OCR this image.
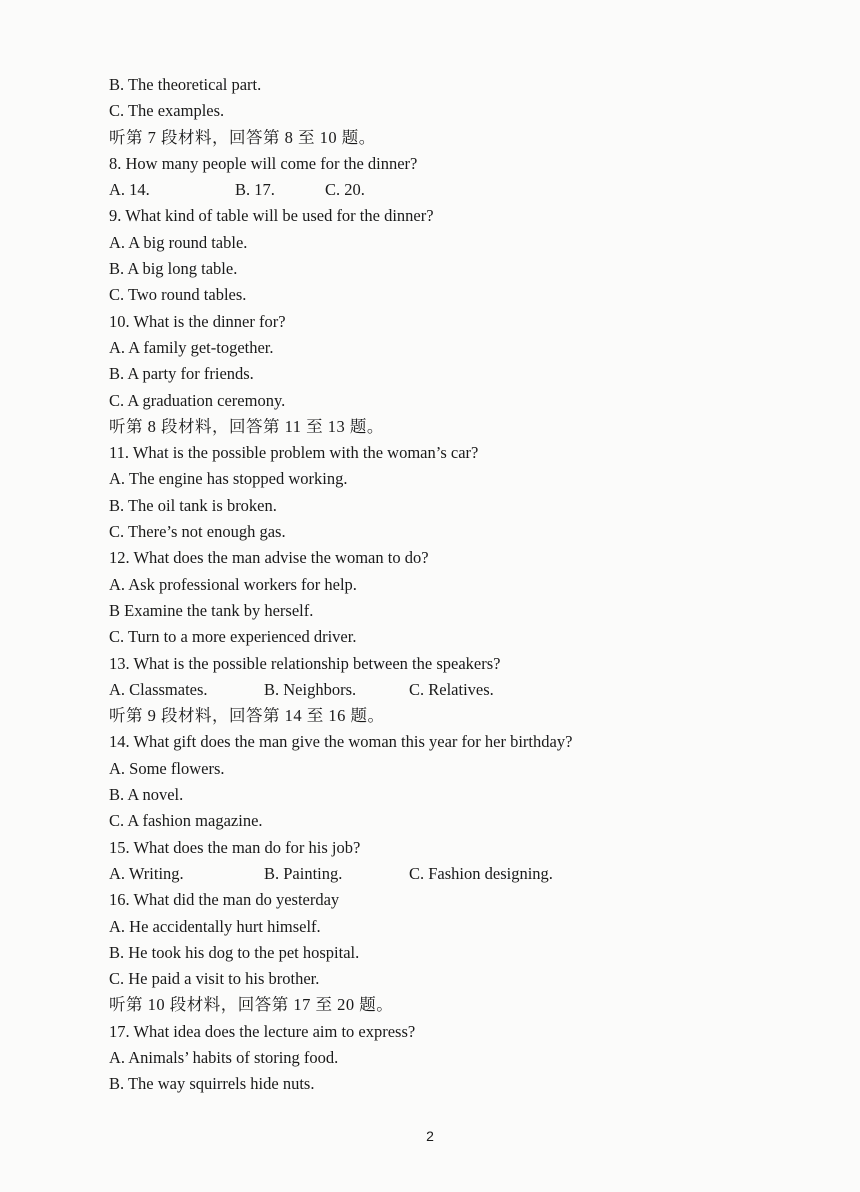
B. The theoretical part.
C. The examples.
听第 7 段材料，回答第 8 至 10 题。
8. How many people will come for the dinner?
A. 14.	B. 17.	C. 20.
9. What kind of table will be used for the dinner?
A. A big round table.
B. A big long table.
C. Two round tables.
10. What is the dinner for?
A. A family get-together.
B. A party for friends.
C. A graduation ceremony.
听第 8 段材料，回答第 11 至 13 题。
11. What is the possible problem with the woman’s car?
A. The engine has stopped working.
B. The oil tank is broken.
C. There’s not enough gas.
12. What does the man advise the woman to do?
A. Ask professional workers for help.
B Examine the tank by herself.
C. Turn to a more experienced driver.
13. What is the possible relationship between the speakers?
A. Classmates.	B. Neighbors.	C. Relatives.
听第 9 段材料，回答第 14 至 16 题。
14. What gift does the man give the woman this year for her birthday?
A. Some flowers.
B. A novel.
C. A fashion magazine.
15. What does the man do for his job?
A. Writing.	B. Painting.	C. Fashion designing.
16. What did the man do yesterday
A. He accidentally hurt himself.
B. He took his dog to the pet hospital.
C. He paid a visit to his brother.
听第 10 段材料，回答第 17 至 20 题。
17. What idea does the lecture aim to express?
A. Animals’ habits of storing food.
B. The way squirrels hide nuts.
2
